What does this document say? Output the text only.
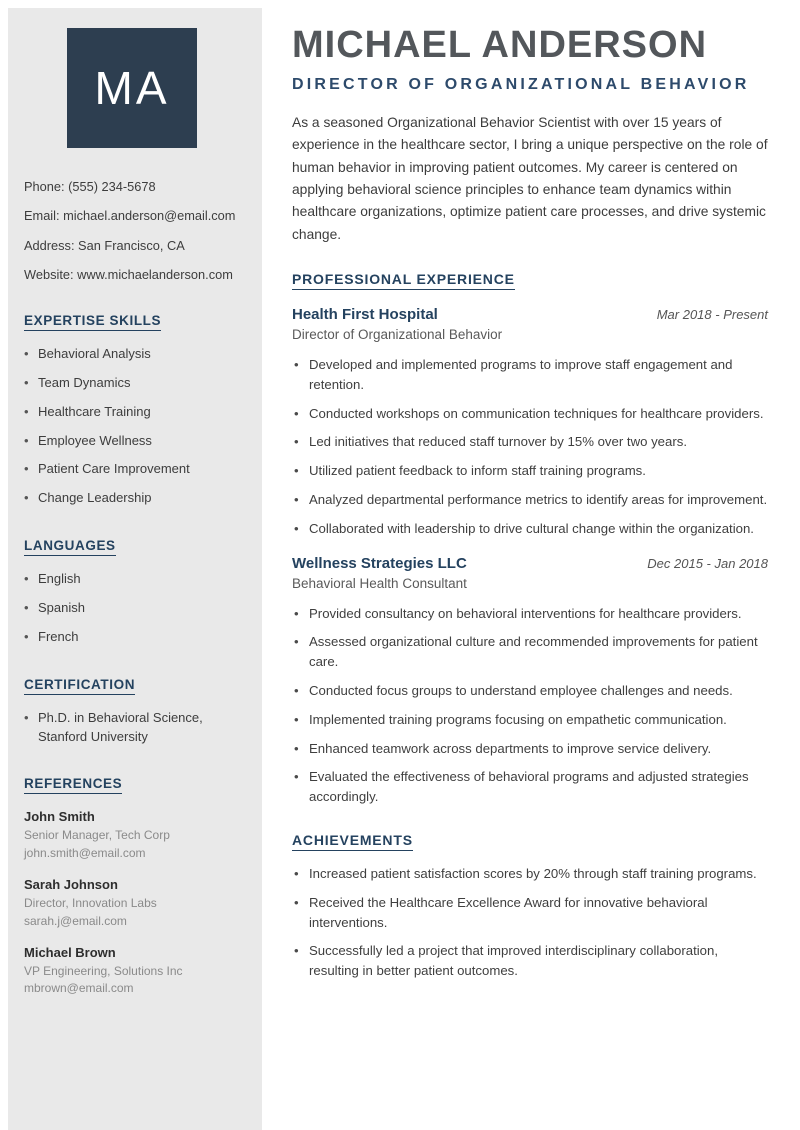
MA
Phone: (555) 234-5678
Email: michael.anderson@email.com
Address: San Francisco, CA
Website: www.michaelanderson.com
EXPERTISE SKILLS
• Behavioral Analysis
• Team Dynamics
• Healthcare Training
• Employee Wellness
• Patient Care Improvement
• Change Leadership
LANGUAGES
• English
• Spanish
• French
CERTIFICATION
• Ph.D. in Behavioral Science, Stanford University
REFERENCES
John Smith
Senior Manager, Tech Corp
john.smith@email.com
Sarah Johnson
Director, Innovation Labs
sarah.j@email.com
Michael Brown
VP Engineering, Solutions Inc
mbrown@email.com
MICHAEL ANDERSON
DIRECTOR OF ORGANIZATIONAL BEHAVIOR

As a seasoned Organizational Behavior Scientist with over 15 years of experience in the healthcare sector, I bring a unique perspective on the role of human behavior in improving patient outcomes. My career is centered on applying behavioral science principles to enhance team dynamics within healthcare organizations, optimize patient care processes, and drive systemic change.

PROFESSIONAL EXPERIENCE
Health First Hospital	Mar 2018 - Present
Director of Organizational Behavior
• Developed and implemented programs to improve staff engagement and retention.
• Conducted workshops on communication techniques for healthcare providers.
• Led initiatives that reduced staff turnover by 15% over two years.
• Utilized patient feedback to inform staff training programs.
• Analyzed departmental performance metrics to identify areas for improvement.
• Collaborated with leadership to drive cultural change within the organization.
Wellness Strategies LLC	Dec 2015 - Jan 2018
Behavioral Health Consultant
• Provided consultancy on behavioral interventions for healthcare providers.
• Assessed organizational culture and recommended improvements for patient care.
• Conducted focus groups to understand employee challenges and needs.
• Implemented training programs focusing on empathetic communication.
• Enhanced teamwork across departments to improve service delivery.
• Evaluated the effectiveness of behavioral programs and adjusted strategies accordingly.
ACHIEVEMENTS
• Increased patient satisfaction scores by 20% through staff training programs.
• Received the Healthcare Excellence Award for innovative behavioral interventions.
• Successfully led a project that improved interdisciplinary collaboration, resulting in better patient outcomes.
